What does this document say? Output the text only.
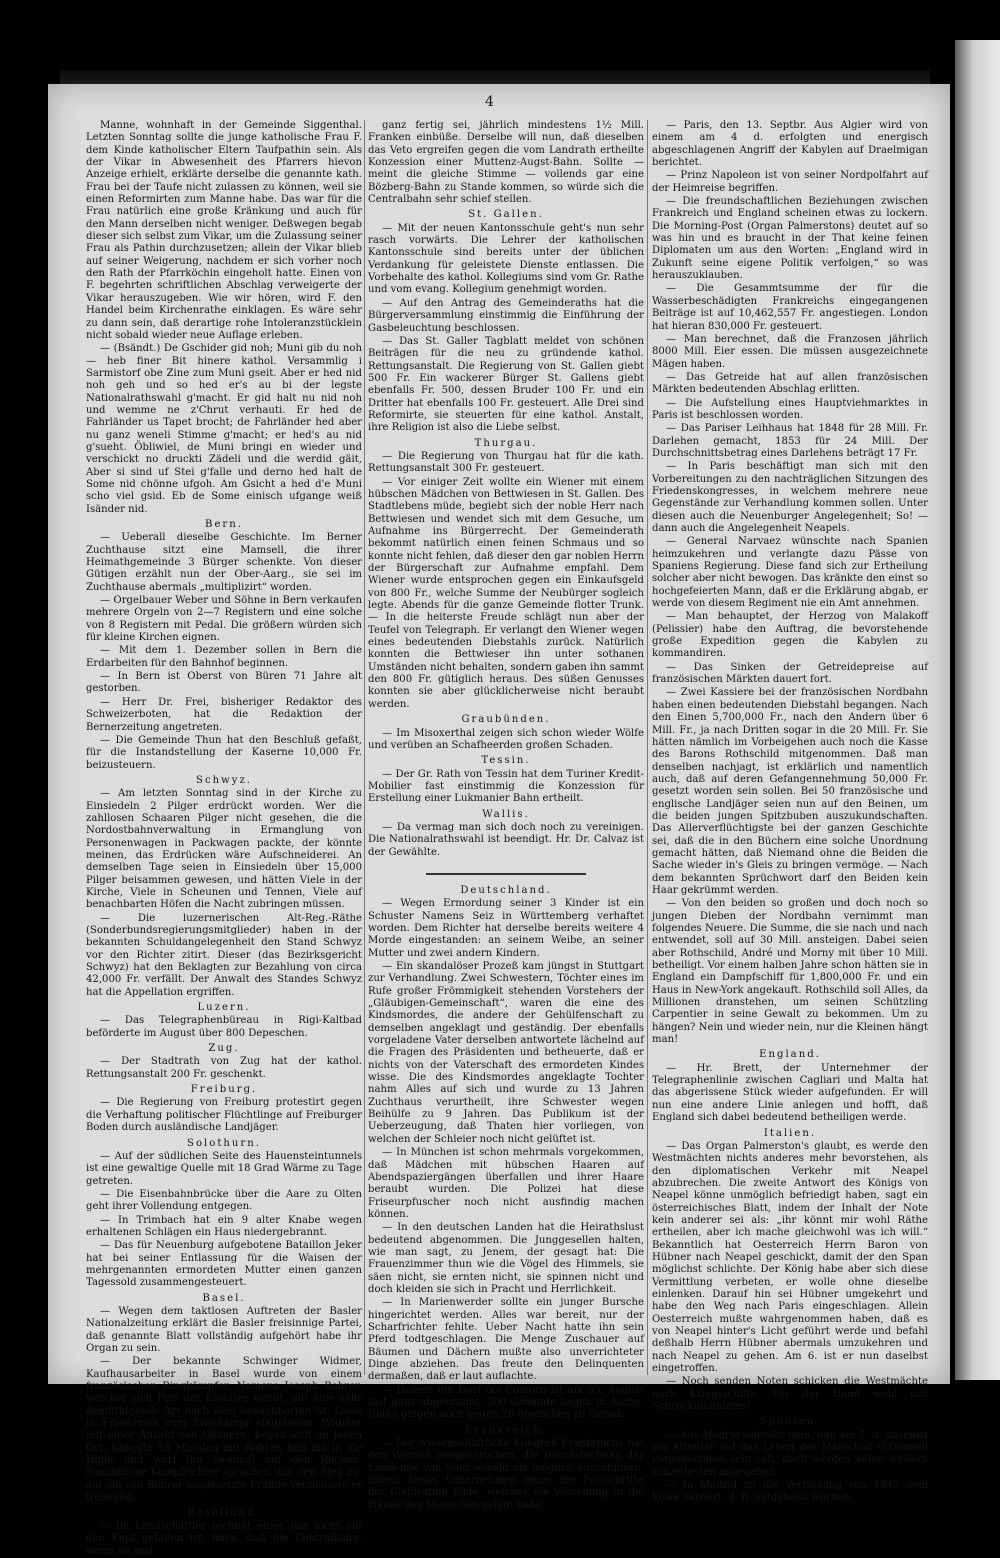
4

Manne, wohnhaft in der Gemeinde Siggenthal. Letzten Sonntag sollte die junge katholische Frau F. dem Kinde katholischer Eltern Taufpathin sein. Als der Vikar in Abwesenheit des Pfarrers hievon Anzeige erhielt, erklärte derselbe die genannte kath. Frau bei der Taufe nicht zulassen zu können, weil sie einen Reformirten zum Manne habe. Das war für die Frau natürlich eine große Kränkung und auch für den Mann derselben nicht weniger. Deßwegen begab dieser sich selbst zum Vikar, um die Zulassung seiner Frau als Pathin durchzusetzen; allein der Vikar blieb auf seiner Weigerung, nachdem er sich vorher noch den Rath der Pfarrköchin eingeholt hatte. Einen von F. begehrten schriftlichen Abschlag verweigerte der Vikar herauszugeben. Wie wir hören, wird F. den Handel beim Kirchenrathe einklagen. Es wäre sehr zu dann sein, daß derartige rohe Intoleranzstücklein nicht sobald wieder neue Auflage erleben.

— (Bsändt.) De Gschider gid noh; Muni gib du noh — heb finer Bit hinere kathol. Versammlig i Sarmistorf obe Zine zum Muni gseit. Aber er hed nid noh geh und so hed er's au bi der legste Nationalrathswahl g'macht. Er gid halt nu nid noh und wemme ne z'Chrut verhauti. Er hed de Fahrländer us Tapet brocht; de Fahrländer hed aber nu ganz weneli Stimme g'macht; er hed's au nid g'sueht. Öbliwiel, de Muni bringi en wieder und verschickt no druckti Zädeli und die werdid gäit, Aber si sind uf Stei g'falle und derno hed halt de Some nid chönne ufgoh. Am Gsicht a hed d'e Muni scho viel gsid. Eb de Some einisch ufgange weiß Isänder nid.

Bern.

— Ueberall dieselbe Geschichte. Im Berner Zuchthause sitzt eine Mamsell, die ihrer Heimathgemeinde 3 Bürger schenkte. Von dieser Gütigen erzählt nun der Ober-Aarg., sie sei im Zuchthause abermals „multiplizirt“ worden.

— Orgelbauer Weber und Söhne in Bern verkaufen mehrere Orgeln von 2—7 Registern und eine solche von 8 Registern mit Pedal. Die größern würden sich für kleine Kirchen eignen.

— Mit dem 1. Dezember sollen in Bern die Erdarbeiten für den Bahnhof beginnen.

— In Bern ist Oberst von Büren 71 Jahre alt gestorben.

— Herr Dr. Frei, bisheriger Redaktor des Schweizerboten, hat die Redaktion der Bernerzeitung angetreten.

— Die Gemeinde Thun hat den Beschluß gefaßt, für die Instandstellung der Kaserne 10,000 Fr. beizusteuern.

Schwyz.

— Am letzten Sonntag sind in der Kirche zu Einsiedeln 2 Pilger erdrückt worden. Wer die zahllosen Schaaren Pilger nicht gesehen, die die Nordostbahnverwaltung in Ermanglung von Personenwagen in Packwagen packte, der könnte meinen, das Erdrücken wäre Aufschneiderei. An demselben Tage seien in Einsiedeln über 15,000 Pilger beisammen gewesen, und hätten Viele in der Kirche, Viele in Scheunen und Tennen, Viele auf benachbarten Höfen die Nacht zubringen müssen.

— Die luzernerischen Alt-Reg.-Räthe (Sonderbundsregierungsmitglieder) haben in der bekannten Schuldangelegenheit den Stand Schwyz vor den Richter zitirt. Dieser (das Bezirksgericht Schwyz) hat den Beklagten zur Bezahlung von circa 42,000 Fr. verfällt. Der Anwalt des Standes Schwyz hat die Appellation ergriffen.

Luzern.

— Das Telegraphenbüreau in Rigi-Kaltbad beförderte im August über 800 Depeschen.

Zug.

— Der Stadtrath von Zug hat der kathol. Rettungsanstalt 200 Fr. geschenkt.

Freiburg.

— Die Regierung von Freiburg protestirt gegen die Verhaftung politischer Flüchtlinge auf Freiburger Boden durch ausländische Landjäger.

Solothurn.

— Auf der südlichen Seite des Hauensteintunnels ist eine gewaltige Quelle mit 18 Grad Wärme zu Tage getreten.

— Die Eisenbahnbrücke über die Aare zu Olten geht ihrer Vollendung entgegen.

— In Trimbach hat ein 9 alter Knabe wegen erhaltenen Schlägen ein Haus niedergebrannt.

— Das für Neuenburg aufgebotene Bataillon Jeker hat bei seiner Entlassung für die Waisen der mehrgenannten ermordeten Mutter einen ganzen Tagessold zusammengesteuert.

Basel.

— Wegen dem taktlosen Auftreten der Basler Nationalzeitung erklärt die Basler freisinnige Partei, daß genannte Blatt vollständig aufgehört habe ihr Organ zu sein.

— Der bekannte Schwinger Widmer, Kaufhausarbeiter in Basel wurde von einem französischen Ringkämpfer, Namens Joseph Bohrer, welcher sich Fels des Elsasses nennt, auf eine sehr demüthigende Art nach dem benachbarten St. Louis in Frankreich zum Zweikampf eingeladen. Widmer mit einer Anzahl von Gönnern, begab sich an jenen Ort, kämpfte 55 Minuten mit Bohrer, hob ihn in die Höhe und warf ihn zweimal auf den Rücken. Sämmtliche Kampfrichter sprachen ihm den Sieg zu; auf die von Bohrer ausgesetzte Prämie verzichtete er freiwillig.

Baselland.

— Im Landschäftler rechnet einer, der nicht auf den Kopf gefallen ist, nach, daß die Centralbahn, wenn sie mal

ganz fertig sei, jährlich mindestens 1½ Mill. Franken einbüße. Derselbe will nun, daß dieselben das Veto ergreifen gegen die vom Landrath ertheilte Konzession einer Muttenz-Augst-Bahn. Sollte — meint die gleiche Stimme — vollends gar eine Bözberg-Bahn zu Stande kommen, so würde sich die Centralbahn sehr schief stellen.

St. Gallen.

— Mit der neuen Kantonsschule geht's nun sehr rasch vorwärts. Die Lehrer der katholischen Kantonsschule sind bereits unter der üblichen Verdankung für geleistete Dienste entlassen. Die Vorbehalte des kathol. Kollegiums sind vom Gr. Rathe und vom evang. Kollegium genehmigt worden.

— Auf den Antrag des Gemeinderaths hat die Bürgerversammlung einstimmig die Einführung der Gasbeleuchtung beschlossen.

— Das St. Galler Tagblatt meldet von schönen Beiträgen für die neu zu gründende kathol. Rettungsanstalt. Die Regierung von St. Gallen giebt 500 Fr. Ein wackerer Bürger St. Gallens giebt ebenfalls Fr. 500, dessen Bruder 100 Fr. und ein Dritter hat ebenfalls 100 Fr. gesteuert. Alle Drei sind Reformirte, sie steuerten für eine kathol. Anstalt, ihre Religion ist also die Liebe selbst.

Thurgau.

— Die Regierung von Thurgau hat für die kath. Rettungsanstalt 300 Fr. gesteuert.

— Vor einiger Zeit wollte ein Wiener mit einem hübschen Mädchen von Bettwiesen in St. Gallen. Des Stadtlebens müde, begiebt sich der noble Herr nach Bettwiesen und wendet sich mit dem Gesuche, um Aufnahme ins Bürgerrecht. Der Gemeinderath bekommt natürlich einen feinen Schmaus und so konnte nicht fehlen, daß dieser den gar noblen Herrn der Bürgerschaft zur Aufnahme empfahl. Dem Wiener wurde entsprochen gegen ein Einkaufsgeld von 800 Fr., welche Summe der Neubürger sogleich legte. Abends für die ganze Gemeinde flotter Trunk. — In die heiterste Freude schlägt nun aber der Teufel von Telegraph. Er verlangt den Wiener wegen eines bedeutenden Diebstahls zurück. Natürlich konnten die Bettwieser ihn unter sothanen Umständen nicht behalten, sondern gaben ihn sammt den 800 Fr. gütiglich heraus. Des süßen Genusses konnten sie aber glücklicherweise nicht beraubt werden.

Graubünden.

— Im Misoxerthal zeigen sich schon wieder Wölfe und verüben an Schafheerden großen Schaden.

Tessin.

— Der Gr. Rath von Tessin hat dem Turiner Kredit-Mobilier fast einstimmig die Konzession für Erstellung einer Lukmanier Bahn ertheilt.

Wallis.

— Da vermag man sich doch noch zu vereinigen. Die Nationalrathswahl ist beendigt. Hr. Dr. Calvaz ist der Gewählte.

Deutschland.

— Wegen Ermordung seiner 3 Kinder ist ein Schuster Namens Seiz in Württemberg verhaftet worden. Dem Richter hat derselbe bereits weitere 4 Morde eingestanden: an seinem Weibe, an seiner Mutter und zwei andern Kindern.

— Ein skandalöser Prozeß kam jüngst in Stuttgart zur Verhandlung. Zwei Schwestern, Töchter eines im Rufe großer Frömmigkeit stehenden Vorstehers der „Gläubigen-Gemeinschaft“, waren die eine des Kindsmordes, die andere der Gehülfenschaft zu demselben angeklagt und geständig. Der ebenfalls vorgeladene Vater derselben antwortete lächelnd auf die Fragen des Präsidenten und betheuerte, daß er nichts von der Vaterschaft des ermordeten Kindes wisse. Die des Kindsmordes angeklagte Tochter nahm Alles auf sich und wurde zu 13 Jahren Zuchthaus verurtheilt, ihre Schwester wegen Beihülfe zu 9 Jahren. Das Publikum ist der Ueberzeugung, daß Thaten hier vorliegen, von welchen der Schleier noch nicht gelüftet ist.

— In München ist schon mehrmals vorgekommen, daß Mädchen mit hübschen Haaren auf Abendspaziergängen überfallen und ihrer Haare beraubt wurden. Die Polizei hat diese Friseurpfuscher noch nicht ausfindig machen können.

— In den deutschen Landen hat die Heirathslust bedeutend abgenommen. Die Junggesellen halten, wie man sagt, zu Jenem, der gesagt hat: Die Frauenzimmer thun wie die Vögel des Himmels, sie säen nicht, sie ernten nicht, sie spinnen nicht und doch kleiden sie sich in Pracht und Herrlichkeit.

— In Marienwerder sollte ein junger Bursche hingerichtet werden. Alles war bereit, nur der Scharfrichter fehlte. Ueber Nacht hatte ihn sein Pferd todtgeschlagen. Die Menge Zuschauer auf Bäumen und Dächern mußte also unverrichteter Dinge abziehen. Das freute den Delinquenten dermaßen, daß er laut auflachte.

— Helenn ein Dorf bei Comorn ist am 30. August fast ganz abgebrannt. 200 Gebäude liegen in Asche. Dabei gingen auch gegen 20 Menschen zu Grund.

Frankreich.

— Der wissenschaftliche Kongreß Frankreichs hat den Wunsch ausgesprochen, die Durchstechung der Landenge von Suez sobald als möglich auszuführen, indem dieses Unternehmen einen der Fortschritte der Civilisation bilde, welches die Vorsehung in die Hände des Menschen gelegt habe.

— Paris, den 13. Septbr. Aus Algier wird von einem am 4 d. erfolgten und energisch abgeschlagenen Angriff der Kabylen auf Draelmigan berichtet.

— Prinz Napoleon ist von seiner Nordpolfahrt auf der Heimreise begriffen.

— Die freundschaftlichen Beziehungen zwischen Frankreich und England scheinen etwas zu lockern. Die Morning-Post (Organ Palmerstons) deutet auf so was hin und es braucht in der That keine feinen Diplomaten um aus den Worten: „England wird in Zukunft seine eigene Politik verfolgen,“ so was herauszuklauben.

— Die Gesammtsumme der für die Wasserbeschädigten Frankreichs eingegangenen Beiträge ist auf 10,462,557 Fr. angestiegen. London hat hieran 830,000 Fr. gesteuert.

— Man berechnet, daß die Franzosen jährlich 8000 Mill. Eier essen. Die müssen ausgezeichnete Mägen haben.

— Das Getreide hat auf allen französischen Märkten bedeutenden Abschlag erlitten.

— Die Aufstellung eines Hauptviehmarktes in Paris ist beschlossen worden.

— Das Pariser Leihhaus hat 1848 für 28 Mill. Fr. Darlehen gemacht, 1853 für 24 Mill. Der Durchschnittsbetrag eines Darlehens beträgt 17 Fr.

— In Paris beschäftigt man sich mit den Vorbereitungen zu den nachträglichen Sitzungen des Friedenskongresses, in welchem mehrere neue Gegenstände zur Verhandlung kommen sollen. Unter diesen auch die Neuenburger Angelegenheit; So! — dann auch die Angelegenheit Neapels.

— General Narvaez wünschte nach Spanien heimzukehren und verlangte dazu Pässe von Spaniens Regierung. Diese fand sich zur Ertheilung solcher aber nicht bewogen. Das kränkte den einst so hochgefeierten Mann, daß er die Erklärung abgab, er werde von diesem Regiment nie ein Amt annehmen.

— Man behauptet, der Herzog von Malakoff (Pelissier) habe den Auftrag, die bevorstehende große Expedition gegen die Kabylen zu kommandiren.

— Das Sinken der Getreidepreise auf französischen Märkten dauert fort.

— Zwei Kassiere bei der französischen Nordbahn haben einen bedeutenden Diebstahl begangen. Nach den Einen 5,700,000 Fr., nach den Andern über 6 Mill. Fr., ja nach Dritten sogar in die 20 Mill. Fr. Sie hätten nämlich im Vorbeigehen auch noch die Kasse des Barons Rothschild mitgenommen. Daß man denselben nachjagt, ist erklärlich und namentlich auch, daß auf deren Gefangennehmung 50,000 Fr. gesetzt worden sein sollen. Bei 50 französische und englische Landjäger seien nun auf den Beinen, um die beiden jungen Spitzbuben auszukundschaften. Das Allerverflüchtigste bei der ganzen Geschichte sei, daß die in den Büchern eine solche Unordnung gemacht hätten, daß Niemand ohne die Beiden die Sache wieder in's Gleis zu bringen vermöge. — Nach dem bekannten Sprüchwort darf den Beiden kein Haar gekrümmt werden.

— Von den beiden so großen und doch noch so jungen Dieben der Nordbahn vernimmt man folgendes Neuere. Die Summe, die sie nach und nach entwendet, soll auf 30 Mill. ansteigen. Dabei seien aber Rothschild, André und Morny mit über 10 Mill. betheiligt. Vor einem halben Jahre schon hätten sie in England ein Dampfschiff für 1,800,000 Fr. und ein Haus in New-York angekauft. Rothschild soll Alles, da Millionen dranstehen, um seinen Schützling Carpentier in seine Gewalt zu bekommen. Um zu hängen? Nein und wieder nein, nur die Kleinen hängt man!

England.

— Hr. Brett, der Unternehmer der Telegraphenlinie zwischen Cagliari und Malta hat das abgerissene Stück wieder aufgefunden. Er will nun eine andere Linie anlegen und hofft, daß England sich dabei bedeutend betheiligen werde.

Italien.

— Das Organ Palmerston's glaubt, es werde den Westmächten nichts anderes mehr bevorstehen, als den diplomatischen Verkehr mit Neapel abzubrechen. Die zweite Antwort des Königs von Neapel könne unmöglich befriedigt haben, sagt ein österreichisches Blatt, indem der Inhalt der Note kein anderer sei als: „ihr könnt mir wohl Räthe ertheilen, aber ich mache gleichwohl was ich will.“ Bekanntlich hat Oesterreich Herrn Baron von Hübner nach Neapel geschickt, damit der den Span möglichst schlichte. Der König habe aber sich diese Vermittlung verbeten, er wolle ohne dieselbe einlenken. Darauf hin sei Hübner umgekehrt und habe den Weg nach Paris eingeschlagen. Allein Oesterreich mußte wahrgenommen haben, daß es von Neapel hinter's Licht geführt werde und befahl deßhalb Herrn Hübner abermals umzukehren und nach Neapel zu gehen. Am 6. ist er nun daselbst eingetroffen.

— Noch senden Noten schicken die Westmächte nach Kriegsschiffe. Vor der Hand wohl nur Schreckmännleins!

Spanien.

— Aus Madrid schreibt man, daß am 7. d. daselbst ein Attentat auf das Leben des Marschall O'Donnell vorgekommen sein soll, doch werden keine weitern Einzelheiten angegeben.

— In Madrid ist die Verfassung von 1845 dem Volke oktroirt, d. h. aufgehalst worden.
